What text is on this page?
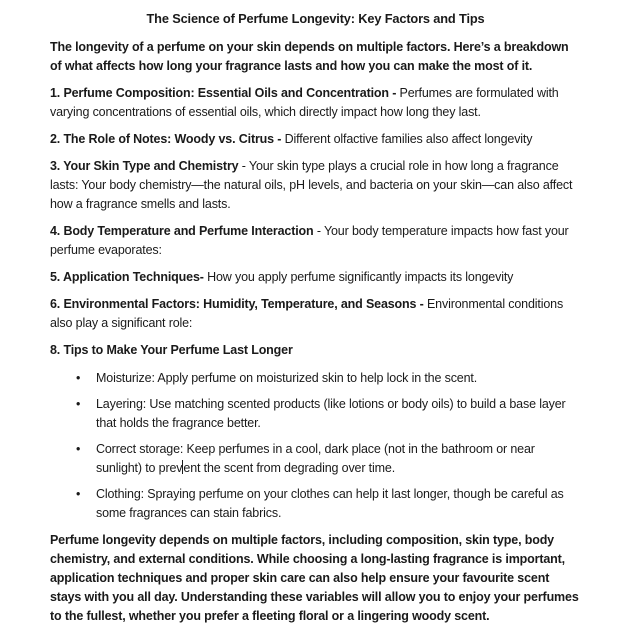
The Science of Perfume Longevity: Key Factors and Tips

The longevity of a perfume on your skin depends on multiple factors. Here’s a breakdown of what affects how long your fragrance lasts and how you can make the most of it.

1. Perfume Composition: Essential Oils and Concentration - Perfumes are formulated with varying concentrations of essential oils, which directly impact how long they last.

2. The Role of Notes: Woody vs. Citrus - Different olfactive families also affect longevity

3. Your Skin Type and Chemistry - Your skin type plays a crucial role in how long a fragrance lasts: Your body chemistry—the natural oils, pH levels, and bacteria on your skin—can also affect how a fragrance smells and lasts.

4. Body Temperature and Perfume Interaction - Your body temperature impacts how fast your perfume evaporates:

5. Application Techniques- How you apply perfume significantly impacts its longevity

6. Environmental Factors: Humidity, Temperature, and Seasons - Environmental conditions also play a significant role:

8. Tips to Make Your Perfume Last Longer
• Moisturize: Apply perfume on moisturized skin to help lock in the scent.
• Layering: Use matching scented products (like lotions or body oils) to build a base layer that holds the fragrance better.
• Correct storage: Keep perfumes in a cool, dark place (not in the bathroom or near sunlight) to prevent the scent from degrading over time.
• Clothing: Spraying perfume on your clothes can help it last longer, though be careful as some fragrances can stain fabrics.

Perfume longevity depends on multiple factors, including composition, skin type, body chemistry, and external conditions. While choosing a long-lasting fragrance is important, application techniques and proper skin care can also help ensure your favourite scent stays with you all day. Understanding these variables will allow you to enjoy your perfumes to the fullest, whether you prefer a fleeting floral or a lingering woody scent.
